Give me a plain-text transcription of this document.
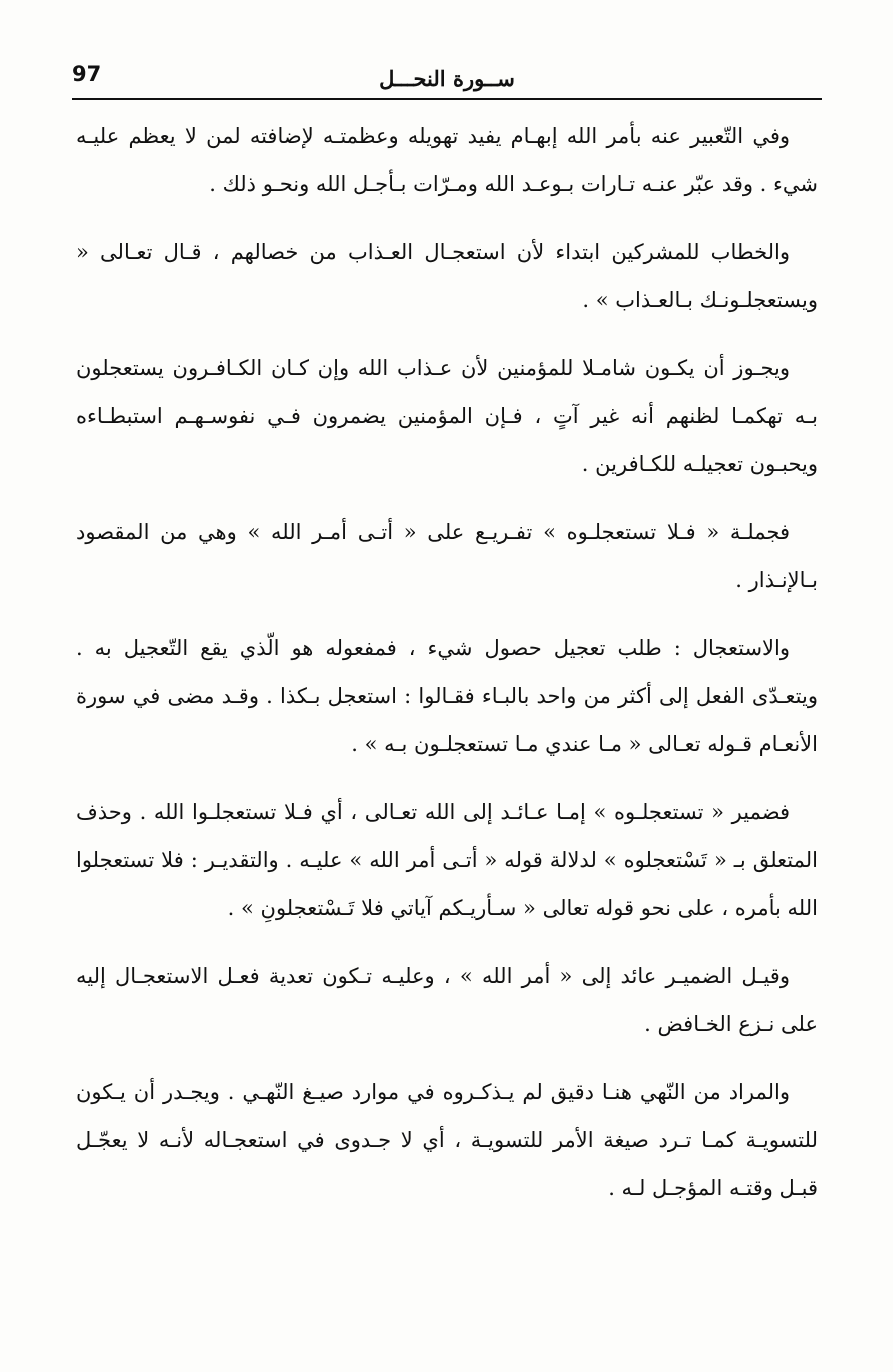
97	ســورة النحـــل

وفي التّعبير عنه بأمر الله إبهـام يفيد تهويله وعظمتـه لإضافته لمن لا يعظم عليـه شيء . وقد عبّر عنـه تـارات بـوعـد الله ومـرّات بـأجـل الله ونحـو ذلك .

والخطاب للمشركين ابتداء لأن استعجـال العـذاب من خصالهم ، قـال تعـالى « ويستعجلـونـك بـالعـذاب » .

ويجـوز أن يكـون شامـلا للمؤمنين لأن عـذاب الله وإن كـان الكـافـرون يستعجلون بـه تهكمـا لظنهم أنه غير آتٍ ، فـإن المؤمنين يضمرون فـي نفوسـهـم استبطـاءه ويحبـون تعجيلـه للكـافرين .

فجملـة « فـلا تستعجلـوه » تفـريـع على « أتـى أمـر الله » وهي من المقصود بـالإنـذار .

والاستعجال : طلب تعجيل حصول شيء ، فمفعوله هو الّذي يقع التّعجيل به . ويتعـدّى الفعل إلى أكثر من واحد بالبـاء فقـالوا : استعجل بـكذا . وقـد مضى في سورة الأنعـام قـوله تعـالى « مـا عندي مـا تستعجلـون بـه » .

فضمير « تستعجلـوه » إمـا عـائـد إلى الله تعـالى ، أي فـلا تستعجلـوا الله . وحذف المتعلق بـ « تَسْتعجلوه » لدلالة قوله « أتـى أمر الله » عليـه . والتقديـر : فلا تستعجلوا الله بأمره ، على نحو قوله تعالى « سـأريـكم آياتي فلا تَـسْتعجلونِ » .

وقيـل الضميـر عائد إلى « أمر الله » ، وعليـه تـكون تعدية فعـل الاستعجـال إليه على نـزع الخـافض .

والمراد من النّهي هنـا دقيق لم يـذكـروه في موارد صيـغ النّهـي . ويجـدر أن يـكون للتسويـة كمـا تـرد صيغة الأمر للتسويـة ، أي لا جـدوى في استعجـاله لأنـه لا يعجّـل قبـل وقتـه المؤجـل لـه .
